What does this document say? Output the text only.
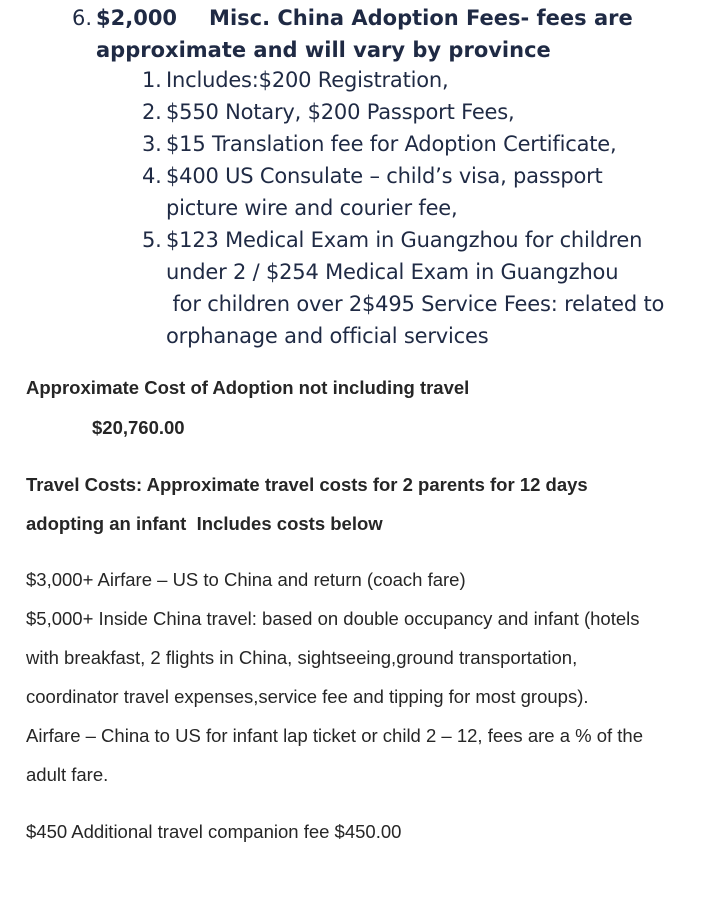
6. $2,000 Misc. China Adoption Fees- fees are
approximate and will vary by province
1. Includes:$200 Registration,
2. $550 Notary, $200 Passport Fees,
3. $15 Translation fee for Adoption Certificate,
4. $400 US Consulate – child’s visa, passport
picture wire and courier fee,
5. $123 Medical Exam in Guangzhou for children
under 2 / $254 Medical Exam in Guangzhou
for children over 2$495 Service Fees: related to
orphanage and official services
Approximate Cost of Adoption not including travel
$20,760.00
Travel Costs: Approximate travel costs for 2 parents for 12 days
adopting an infant  Includes costs below
$3,000+ Airfare – US to China and return (coach fare)
$5,000+ Inside China travel: based on double occupancy and infant (hotels
with breakfast, 2 flights in China, sightseeing,ground transportation,
coordinator travel expenses,service fee and tipping for most groups).
Airfare – China to US for infant lap ticket or child 2 – 12, fees are a % of the
adult fare.
$450 Additional travel companion fee $450.00
